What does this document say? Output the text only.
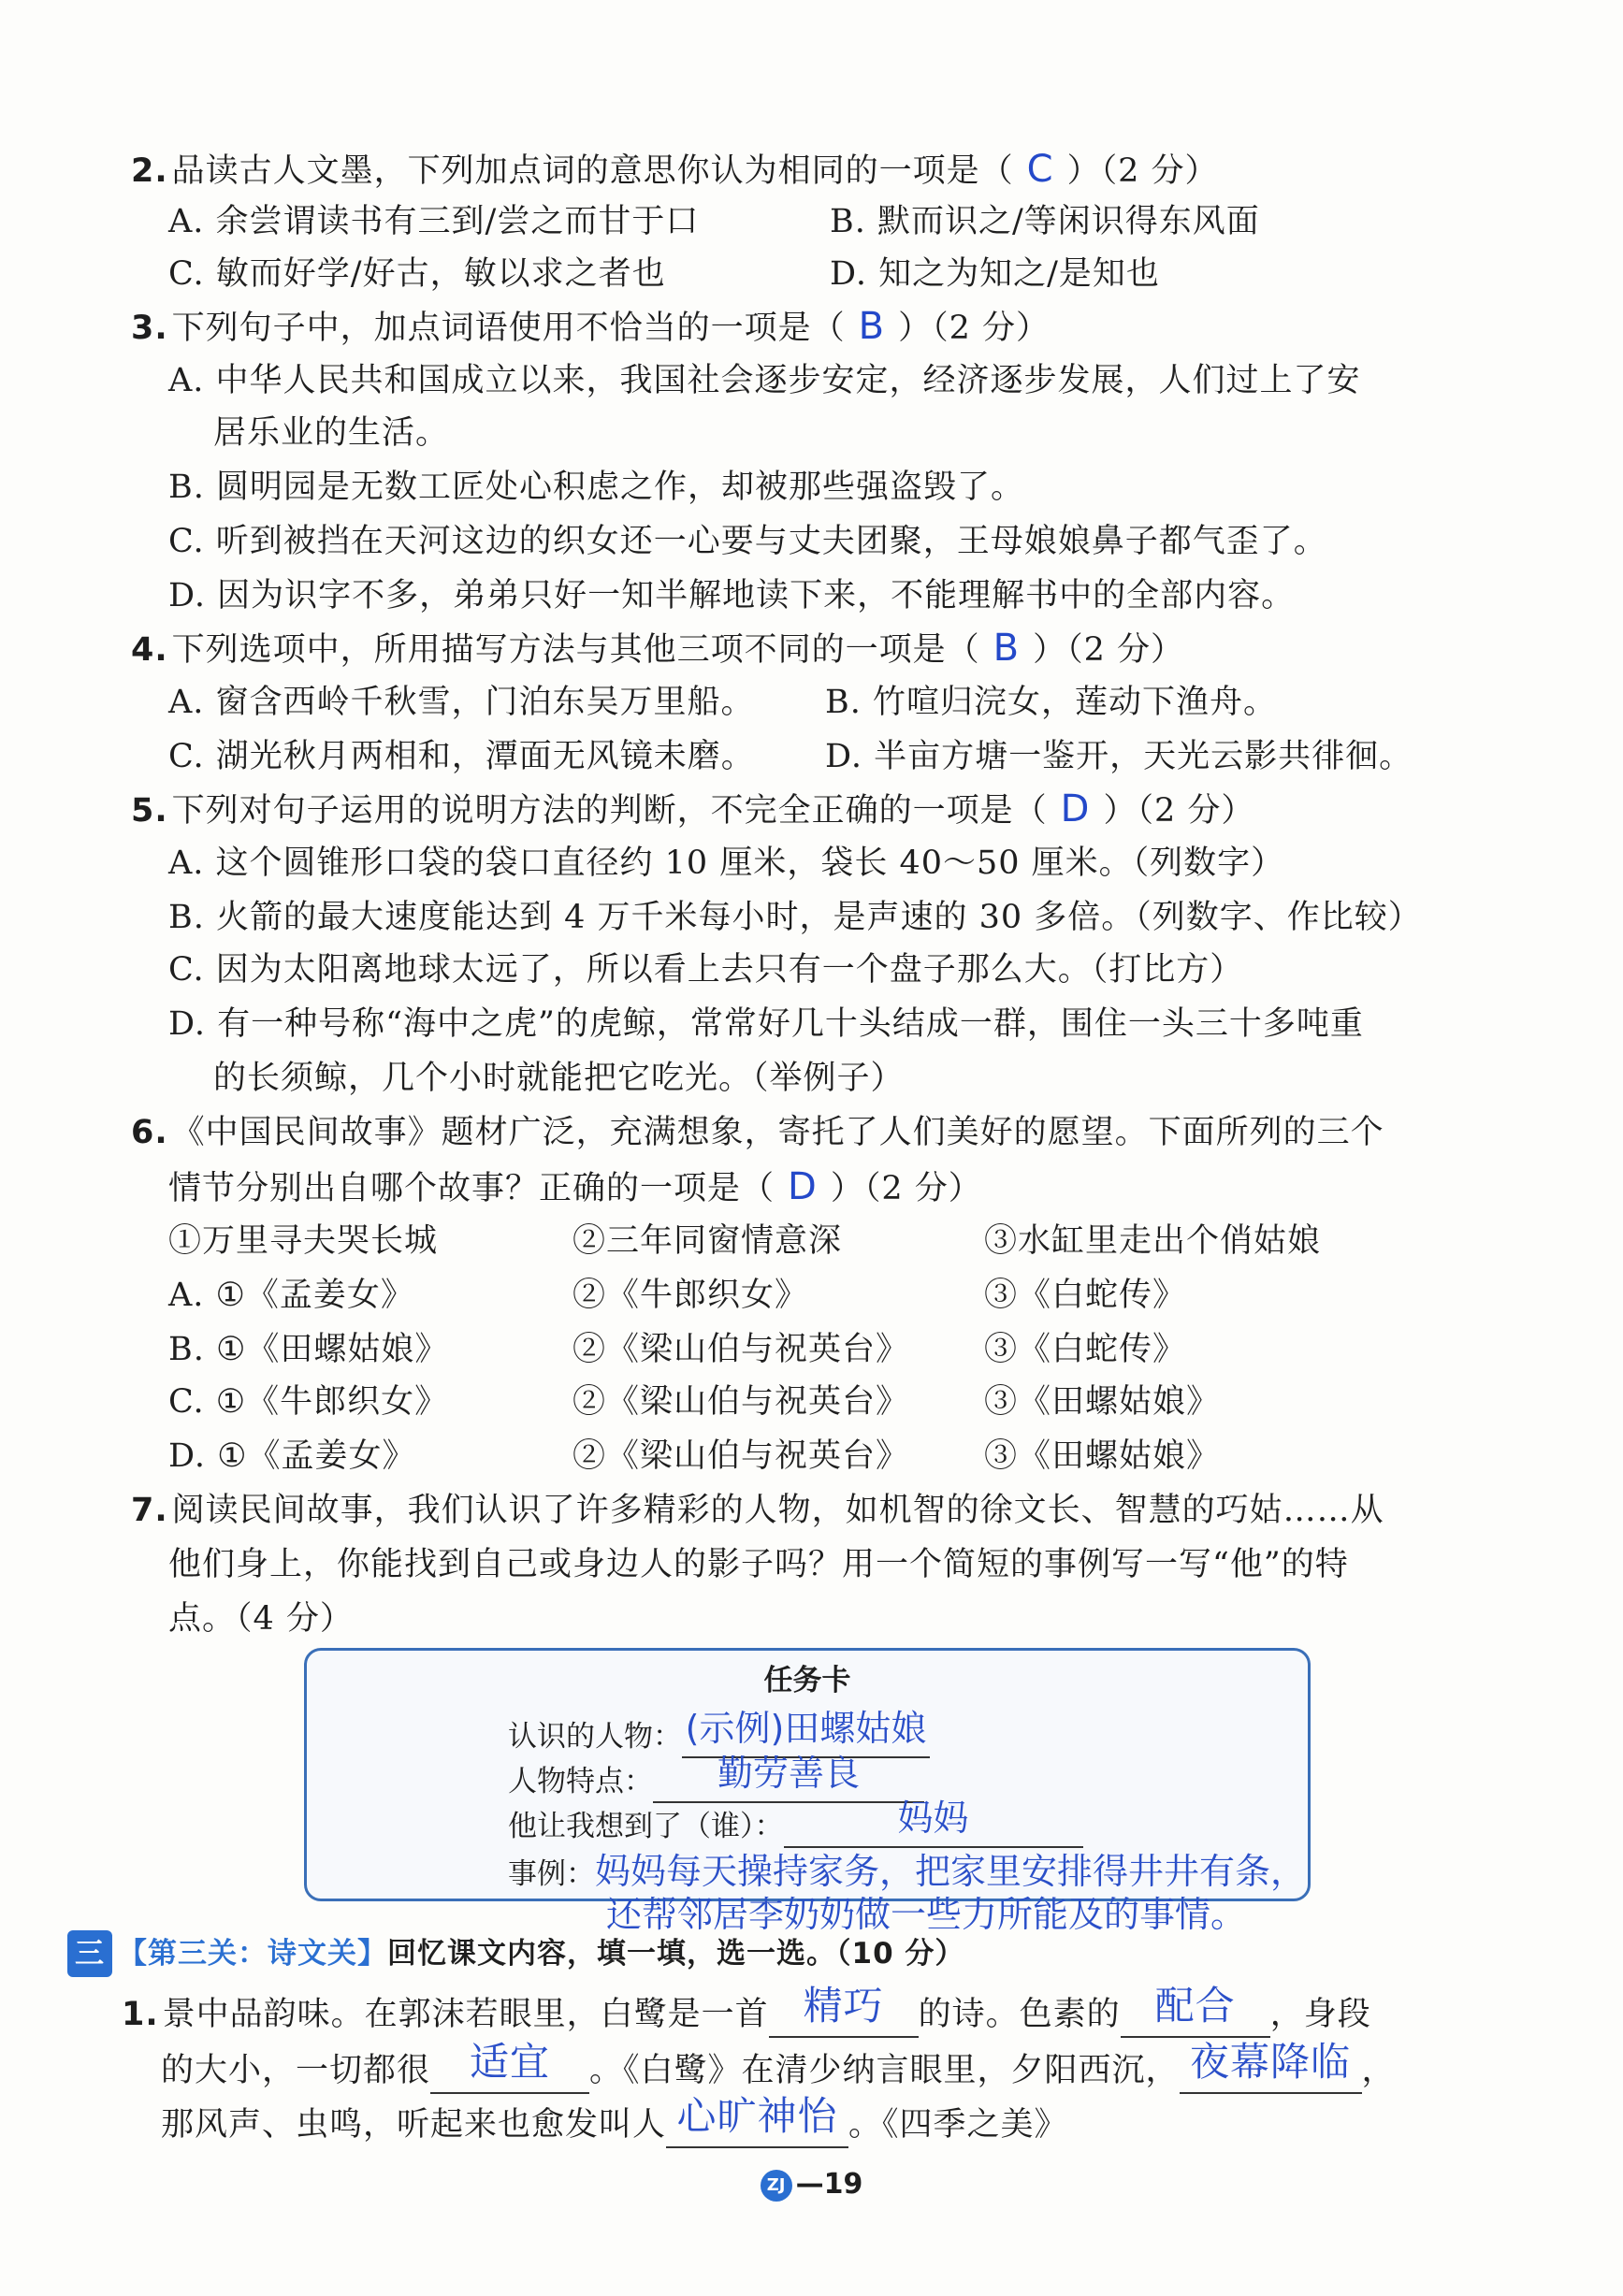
2. 品读古人文墨，下列加点词的意思你认为相同的一项是（ C ）（2 分）
A. 余尝谓读书有三到/尝之而甘于口	B. 默而识之/等闲识得东风面
C. 敏而好学/好古，敏以求之者也	D. 知之为知之/是知也
3. 下列句子中，加点词语使用不恰当的一项是（ B ）（2 分）
A. 中华人民共和国成立以来，我国社会逐步安定，经济逐步发展，人们过上了安
居乐业的生活。
B. 圆明园是无数工匠处心积虑之作，却被那些强盗毁了。
C. 听到被挡在天河这边的织女还一心要与丈夫团聚，王母娘娘鼻子都气歪了。
D. 因为识字不多，弟弟只好一知半解地读下来，不能理解书中的全部内容。
4. 下列选项中，所用描写方法与其他三项不同的一项是（ B ）（2 分）
A. 窗含西岭千秋雪，门泊东吴万里船。 B. 竹喧归浣女，莲动下渔舟。
C. 湖光秋月两相和，潭面无风镜未磨。 D. 半亩方塘一鉴开，天光云影共徘徊。
5. 下列对句子运用的说明方法的判断，不完全正确的一项是（ D ）（2 分）
A. 这个圆锥形口袋的袋口直径约 10 厘米，袋长 40～50 厘米。（列数字）
B. 火箭的最大速度能达到 4 万千米每小时，是声速的 30 多倍。（列数字、作比较）
C. 因为太阳离地球太远了，所以看上去只有一个盘子那么大。（打比方）
D. 有一种号称“海中之虎”的虎鲸，常常好几十头结成一群，围住一头三十多吨重
的长须鲸，几个小时就能把它吃光。（举例子）
6. 《中国民间故事》题材广泛，充满想象，寄托了人们美好的愿望。下面所列的三个
情节分别出自哪个故事？正确的一项是（ D ）（2 分）
①万里寻夫哭长城	②三年同窗情意深	③水缸里走出个俏姑娘
A. ①《孟姜女》	②《牛郎织女》	③《白蛇传》
B. ①《田螺姑娘》	②《梁山伯与祝英台》 ③《白蛇传》
C. ①《牛郎织女》	②《梁山伯与祝英台》 ③《田螺姑娘》
D. ①《孟姜女》	②《梁山伯与祝英台》 ③《田螺姑娘》
7. 阅读民间故事，我们认识了许多精彩的人物，如机智的徐文长、智慧的巧姑……从
他们身上，你能找到自己或身边人的影子吗？用一个简短的事例写一写“他”的特
点。（4 分）
任务卡
认识的人物：(示例)田螺姑娘
人物特点： 勤劳善良
他让我想到了（谁）：	妈妈
事例：妈妈每天操持家务，把家里安排得井井有条，
还帮邻居李奶奶做一些力所能及的事情。
三 【第三关：诗文关】回忆课文内容，填一填，选一选。（10 分）
1. 景中品韵味。在郭沫若眼里，白鹭是一首 精巧 的诗。色素的 配合 ，身段
的大小，一切都很 适宜 。《白鹭》在清少纳言眼里，夕阳西沉， 夜幕降临 ，
那风声、虫鸣，听起来也愈发叫人 心旷神怡 。《四季之美》
ZJ —19
